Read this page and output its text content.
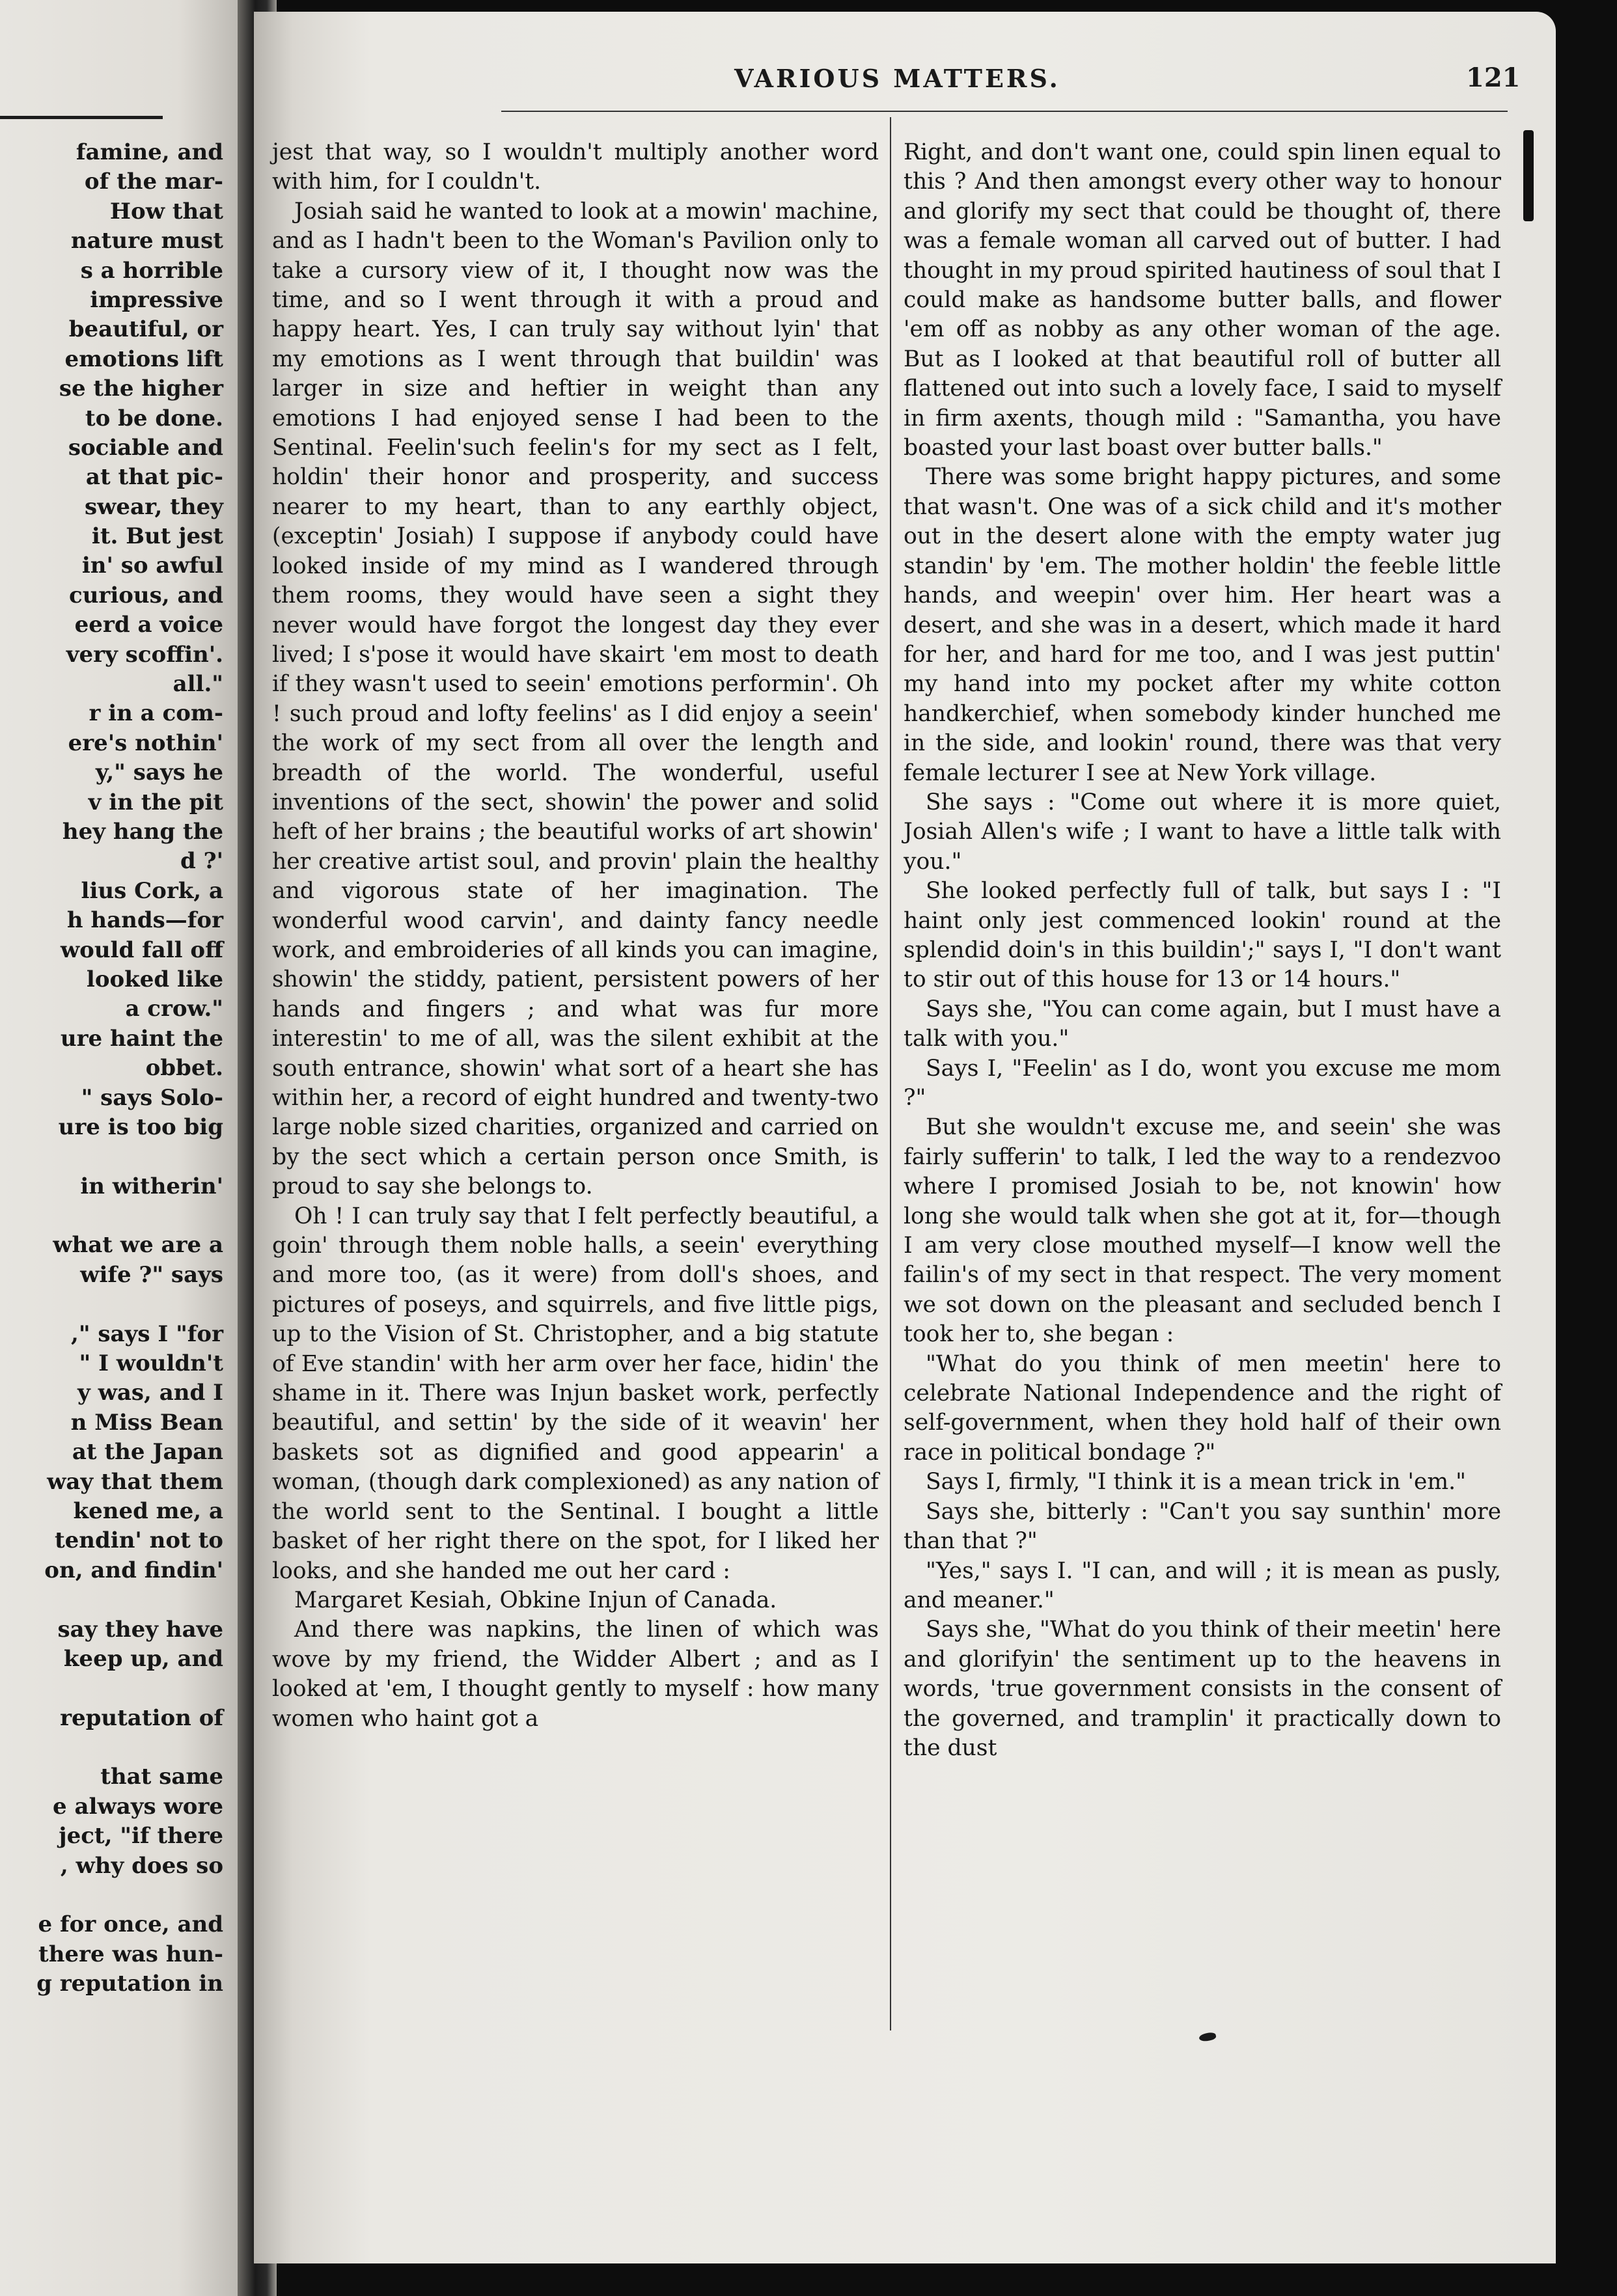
famine, and
of the mar-
How that
nature must
s a horrible
impressive
beautiful, or
emotions lift
se the higher
to be done.
sociable and
at that pic-
swear, they
it. But jest
in' so awful
curious, and
eerd a voice
very scoffin'.
all."
r in a com-
ere's nothin'
y," says he
v in the pit
hey hang the
d ?'
lius Cork, a
h hands—for
would fall off
looked like
a crow."
ure haint the
obbet.
" says Solo-
ure is too big
in witherin'
what we are a
wife ?" says
," says I "for
" I wouldn't
y was, and I
n Miss Bean
at the Japan
way that them
kened me, a
tendin' not to
on, and findin'
say they have
keep up, and
reputation of
that same
e always wore
ject, "if there
, why does so
e for once, and
there was hun-
g reputation in
VARIOUS MATTERS.	121

jest that way, so I wouldn't multiply another word with him, for I couldn't.

Josiah said he wanted to look at a mowin' machine, and as I hadn't been to the Woman's Pavilion only to take a cursory view of it, I thought now was the time, and so I went through it with a proud and happy heart. Yes, I can truly say without lyin' that my emotions as I went through that buildin' was larger in size and heftier in weight than any emotions I had enjoyed sense I had been to the Sentinal. Feelin'such feelin's for my sect as I felt, holdin' their honor and prosperity, and success nearer to my heart, than to any earthly object, (exceptin' Josiah) I suppose if anybody could have looked inside of my mind as I wandered through them rooms, they would have seen a sight they never would have forgot the longest day they ever lived; I s'pose it would have skairt 'em most to death if they wasn't used to seein' emotions performin'. Oh ! such proud and lofty feelins' as I did enjoy a seein' the work of my sect from all over the length and breadth of the world. The wonderful, useful inventions of the sect, showin' the power and solid heft of her brains ; the beautiful works of art showin' her creative artist soul, and provin' plain the healthy and vigorous state of her imagination. The wonderful wood carvin', and dainty fancy needle work, and embroideries of all kinds you can imagine, showin' the stiddy, patient, persistent powers of her hands and fingers ; and what was fur more interestin' to me of all, was the silent exhibit at the south entrance, showin' what sort of a heart she has within her, a record of eight hundred and twenty-two large noble sized charities, organized and carried on by the sect which a certain person once Smith, is proud to say she belongs to.

Oh ! I can truly say that I felt perfectly beautiful, a goin' through them noble halls, a seein' everything and more too, (as it were) from doll's shoes, and pictures of poseys, and squirrels, and five little pigs, up to the Vision of St. Christopher, and a big statute of Eve standin' with her arm over her face, hidin' the shame in it. There was Injun basket work, perfectly beautiful, and settin' by the side of it weavin' her baskets sot as dignified and good appearin' a woman, (though dark complexioned) as any nation of the world sent to the Sentinal. I bought a little basket of her right there on the spot, for I liked her looks, and she handed me out her card :

Margaret Kesiah, Obkine Injun of Canada.

And there was napkins, the linen of which was wove by my friend, the Widder Albert ; and as I looked at 'em, I thought gently to myself : how many women who haint got a

Right, and don't want one, could spin linen equal to this ? And then amongst every other way to honour and glorify my sect that could be thought of, there was a female woman all carved out of butter. I had thought in my proud spirited hautiness of soul that I could make as handsome butter balls, and flower 'em off as nobby as any other woman of the age. But as I looked at that beautiful roll of butter all flattened out into such a lovely face, I said to myself in firm axents, though mild : "Samantha, you have boasted your last boast over butter balls."

There was some bright happy pictures, and some that wasn't. One was of a sick child and it's mother out in the desert alone with the empty water jug standin' by 'em. The mother holdin' the feeble little hands, and weepin' over him. Her heart was a desert, and she was in a desert, which made it hard for her, and hard for me too, and I was jest puttin' my hand into my pocket after my white cotton handkerchief, when somebody kinder hunched me in the side, and lookin' round, there was that very female lecturer I see at New York village.

She says : "Come out where it is more quiet, Josiah Allen's wife ; I want to have a little talk with you."

She looked perfectly full of talk, but says I : "I haint only jest commenced lookin' round at the splendid doin's in this buildin';" says I, "I don't want to stir out of this house for 13 or 14 hours."

Says she, "You can come again, but I must have a talk with you."

Says I, "Feelin' as I do, wont you excuse me mom ?"

But she wouldn't excuse me, and seein' she was fairly sufferin' to talk, I led the way to a rendezvoo where I promised Josiah to be, not knowin' how long she would talk when she got at it, for—though I am very close mouthed myself—I know well the failin's of my sect in that respect. The very moment we sot down on the pleasant and secluded bench I took her to, she began :

"What do you think of men meetin' here to celebrate National Independence and the right of self-government, when they hold half of their own race in political bondage ?"

Says I, firmly, "I think it is a mean trick in 'em."

Says she, bitterly : "Can't you say sunthin' more than that ?"

"Yes," says I. "I can, and will ; it is mean as pusly, and meaner."

Says she, "What do you think of their meetin' here and glorifyin' the sentiment up to the heavens in words, 'true government consists in the consent of the governed, and tramplin' it practically down to the dust
